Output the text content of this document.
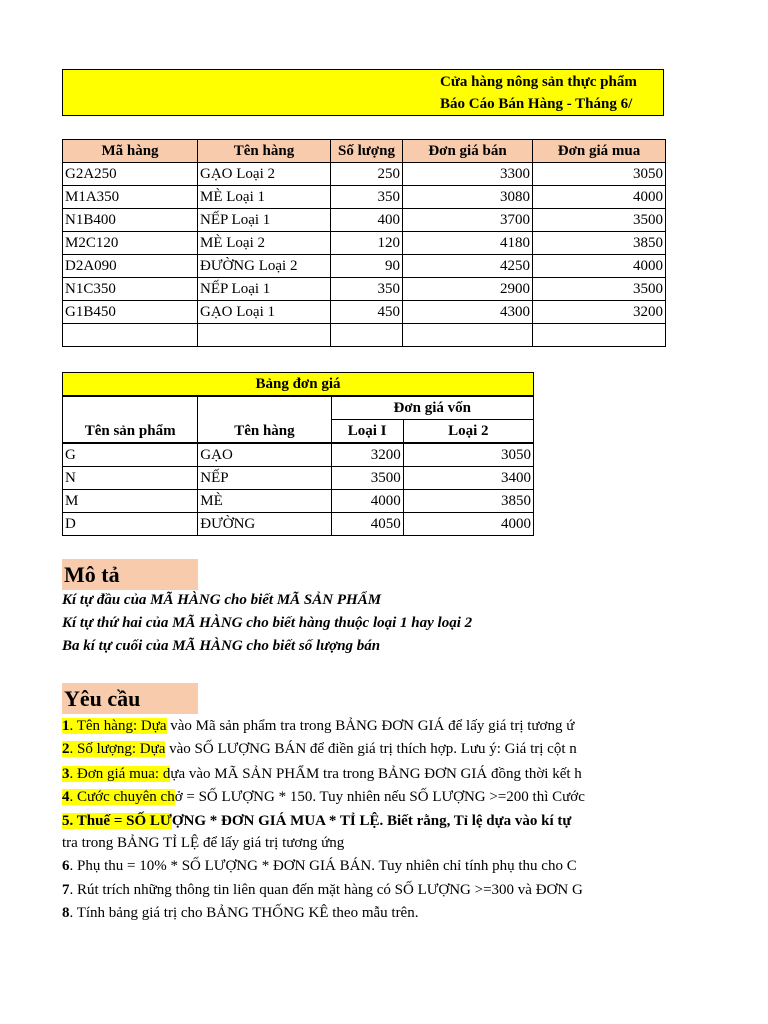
Cửa hàng nông sản thực phẩm
Báo Cáo Bán Hàng - Tháng 6/
Mã hàng	Tên hàng	Số lượng	Đơn giá bán	Đơn giá mua
G2A250	GẠO Loại 2	250	3300	3050
M1A350	MÈ Loại 1	350	3080	4000
N1B400	NẾP Loại 1	400	3700	3500
M2C120	MÈ Loại 2	120	4180	3850
D2A090	ĐƯỜNG Loại 2	90	4250	4000
N1C350	NẾP Loại 1	350	2900	3500
G1B450	GẠO Loại 1	450	4300	3200

Bảng đơn giá			
Tên sản phẩm	Tên hàng	Đơn giá vốn	
		Loại I	Loại 2
G	GẠO	3200	3050
N	NẾP	3500	3400
M	MÈ	4000	3850
D	ĐƯỜNG	4050	4000
Mô tả
Kí tự đầu của MÃ HÀNG cho biết MÃ SẢN PHẨM
Kí tự thứ hai của MÃ HÀNG cho biết hàng thuộc loại 1 hay loại 2
Ba kí tự cuối của MÃ HÀNG cho biết số lượng bán
Yêu cầu
1. Tên hàng: Dựa vào Mã sản phẩm tra trong BẢNG ĐƠN GIÁ để lấy giá trị tương ứ
2. Số lượng: Dựa vào SỐ LƯỢNG BÁN để điền giá trị thích hợp. Lưu ý: Giá trị cột n
3. Đơn giá mua: dựa vào MÃ SẢN PHẨM tra trong BẢNG ĐƠN GIÁ đồng thời kết h
4. Cước chuyên chở = SỐ LƯỢNG * 150. Tuy nhiên nếu SỐ LƯỢNG >=200 thì Cước
5. Thuế = SỐ LƯỢNG * ĐƠN GIÁ MUA * TỈ LỆ. Biết rằng, Tỉ lệ dựa vào kí tự
tra trong BẢNG TỈ LỆ để lấy giá trị tương ứng
6. Phụ thu = 10% * SỐ LƯỢNG * ĐƠN GIÁ BÁN. Tuy nhiên chỉ tính phụ thu cho C
7. Rút trích những thông tin liên quan đến mặt hàng có SỐ LƯỢNG >=300 và ĐƠN G
8. Tính bảng giá trị cho BẢNG THỐNG KÊ theo mẫu trên.
